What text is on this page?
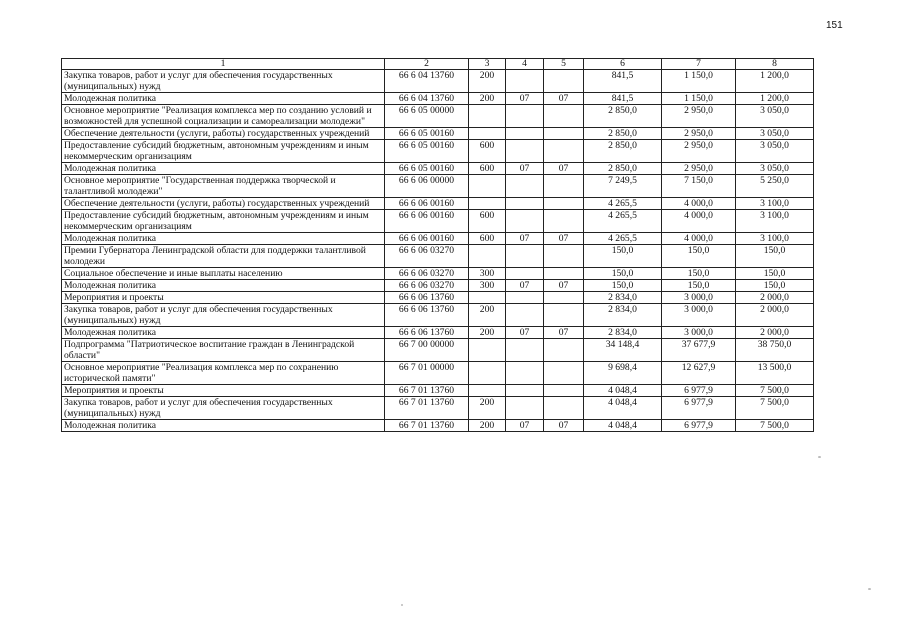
151
1	2	3	4	5	6	7	8
Закупка товаров, работ и услуг для обеспечения государственных (муниципальных) нужд	66 6 04 13760	200			841,5	1 150,0	1 200,0
Молодежная политика	66 6 04 13760	200	07	07	841,5	1 150,0	1 200,0
Основное мероприятие "Реализация комплекса мер по созданию условий и возможностей для успешной социализации и самореализации молодежи"	66 6 05 00000				2 850,0	2 950,0	3 050,0
Обеспечение деятельности (услуги, работы) государственных учреждений	66 6 05 00160				2 850,0	2 950,0	3 050,0
Предоставление субсидий бюджетным, автономным учреждениям и иным некоммерческим организациям	66 6 05 00160	600			2 850,0	2 950,0	3 050,0
Молодежная политика	66 6 05 00160	600	07	07	2 850,0	2 950,0	3 050,0
Основное мероприятие "Государственная поддержка творческой и талантливой молодежи"	66 6 06 00000				7 249,5	7 150,0	5 250,0
Обеспечение деятельности (услуги, работы) государственных учреждений	66 6 06 00160				4 265,5	4 000,0	3 100,0
Предоставление субсидий бюджетным, автономным учреждениям и иным некоммерческим организациям	66 6 06 00160	600			4 265,5	4 000,0	3 100,0
Молодежная политика	66 6 06 00160	600	07	07	4 265,5	4 000,0	3 100,0
Премии Губернатора Ленинградской области для поддержки талантливой молодежи	66 6 06 03270				150,0	150,0	150,0
Социальное обеспечение и иные выплаты населению	66 6 06 03270	300			150,0	150,0	150,0
Молодежная политика	66 6 06 03270	300	07	07	150,0	150,0	150,0
Мероприятия и проекты	66 6 06 13760				2 834,0	3 000,0	2 000,0
Закупка товаров, работ и услуг для обеспечения государственных (муниципальных) нужд	66 6 06 13760	200			2 834,0	3 000,0	2 000,0
Молодежная политика	66 6 06 13760	200	07	07	2 834,0	3 000,0	2 000,0
Подпрограмма "Патриотическое воспитание граждан в Ленинградской области"	66 7 00 00000				34 148,4	37 677,9	38 750,0
Основное мероприятие "Реализация комплекса мер по сохранению исторической памяти"	66 7 01 00000				9 698,4	12 627,9	13 500,0
Мероприятия и проекты	66 7 01 13760				4 048,4	6 977,9	7 500,0
Закупка товаров, работ и услуг для обеспечения государственных (муниципальных) нужд	66 7 01 13760	200			4 048,4	6 977,9	7 500,0
Молодежная политика	66 7 01 13760	200	07	07	4 048,4	6 977,9	7 500,0
